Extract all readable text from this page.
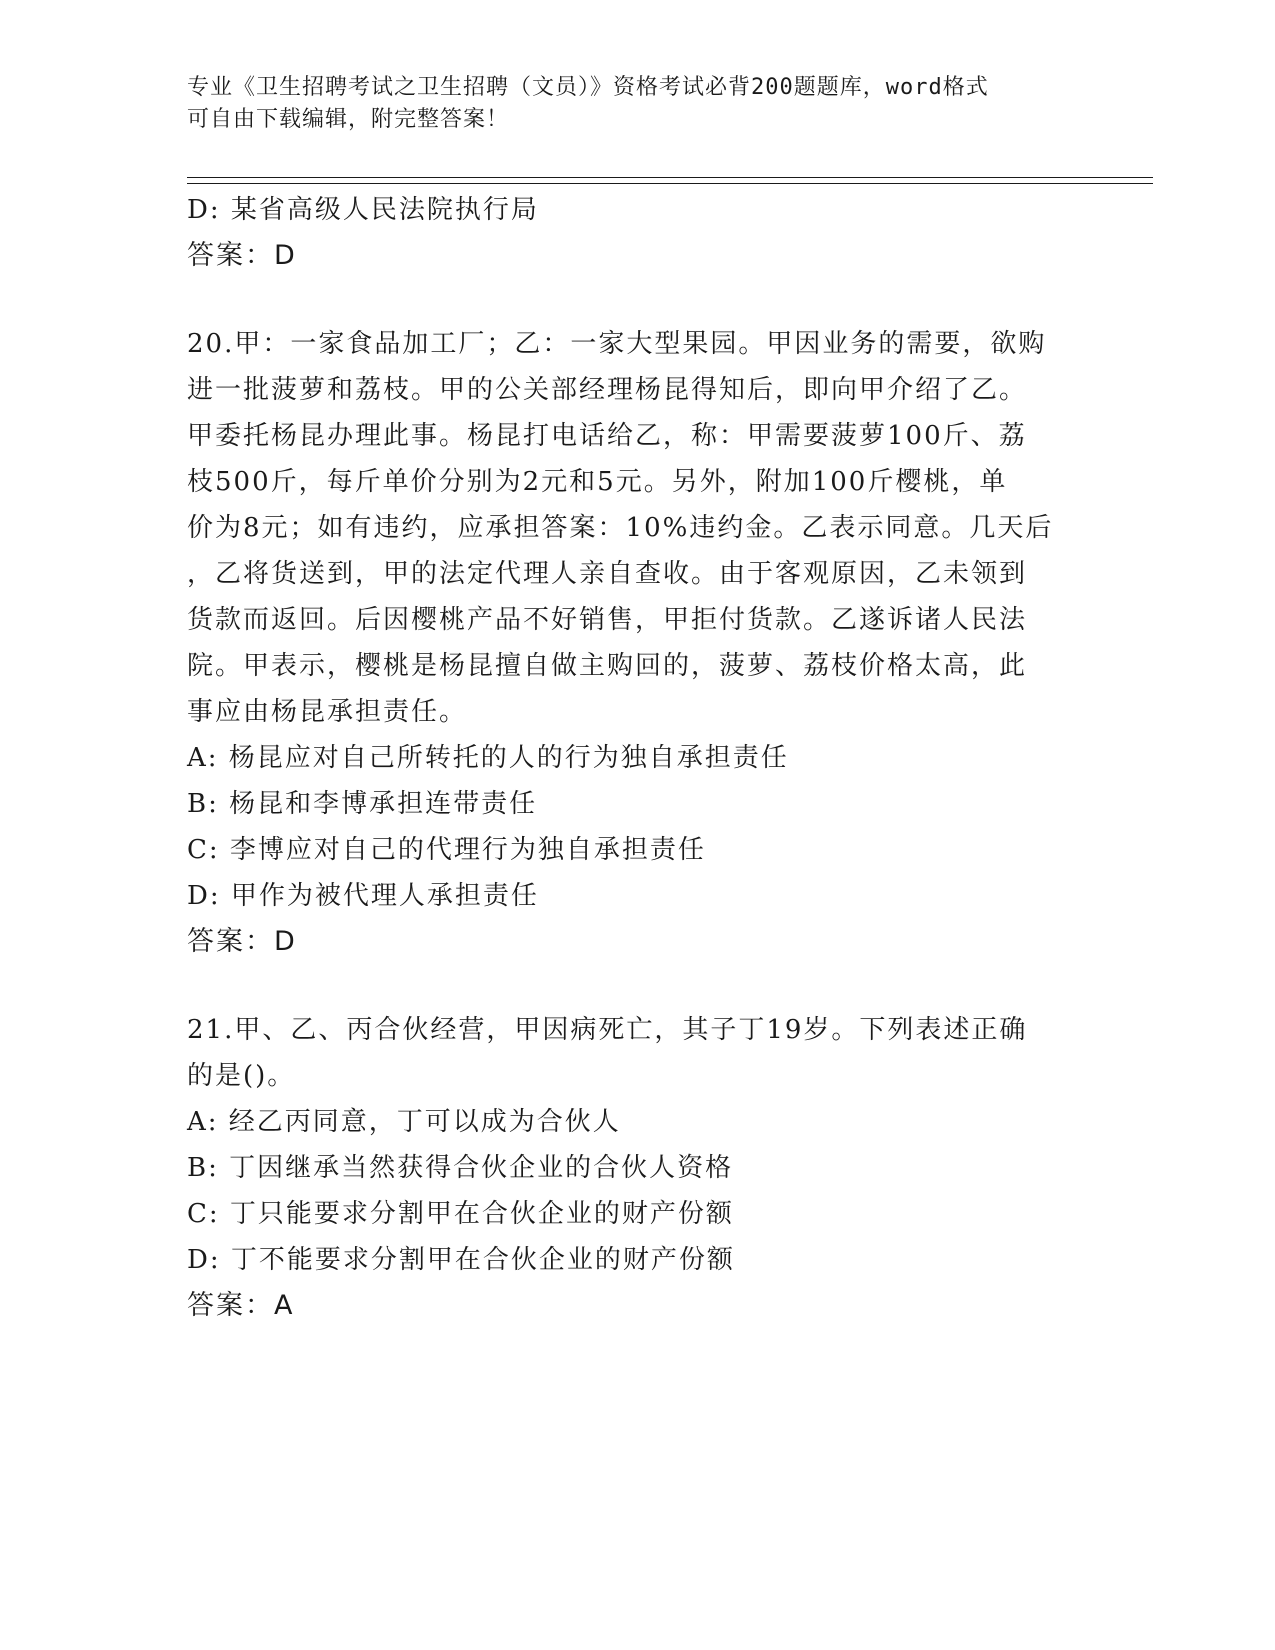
专业《卫生招聘考试之卫生招聘（文员）》资格考试必背200题题库，word格式
可自由下载编辑，附完整答案！
D: 某省高级人民法院执行局
答案：D
20.甲：一家食品加工厂；乙：一家大型果园。甲因业务的需要，欲购
进一批菠萝和荔枝。甲的公关部经理杨昆得知后，即向甲介绍了乙。
甲委托杨昆办理此事。杨昆打电话给乙，称：甲需要菠萝100斤、荔
枝500斤，每斤单价分别为2元和5元。另外，附加100斤樱桃，单
价为8元；如有违约，应承担答案：10%违约金。乙表示同意。几天后
，乙将货送到，甲的法定代理人亲自查收。由于客观原因，乙未领到
货款而返回。后因樱桃产品不好销售，甲拒付货款。乙遂诉诸人民法
院。甲表示，樱桃是杨昆擅自做主购回的，菠萝、荔枝价格太高，此
事应由杨昆承担责任。
A: 杨昆应对自己所转托的人的行为独自承担责任
B: 杨昆和李博承担连带责任
C: 李博应对自己的代理行为独自承担责任
D: 甲作为被代理人承担责任
答案：D
21.甲、乙、丙合伙经营，甲因病死亡，其子丁19岁。下列表述正确
的是()。
A: 经乙丙同意，丁可以成为合伙人
B: 丁因继承当然获得合伙企业的合伙人资格
C: 丁只能要求分割甲在合伙企业的财产份额
D: 丁不能要求分割甲在合伙企业的财产份额
答案：A
